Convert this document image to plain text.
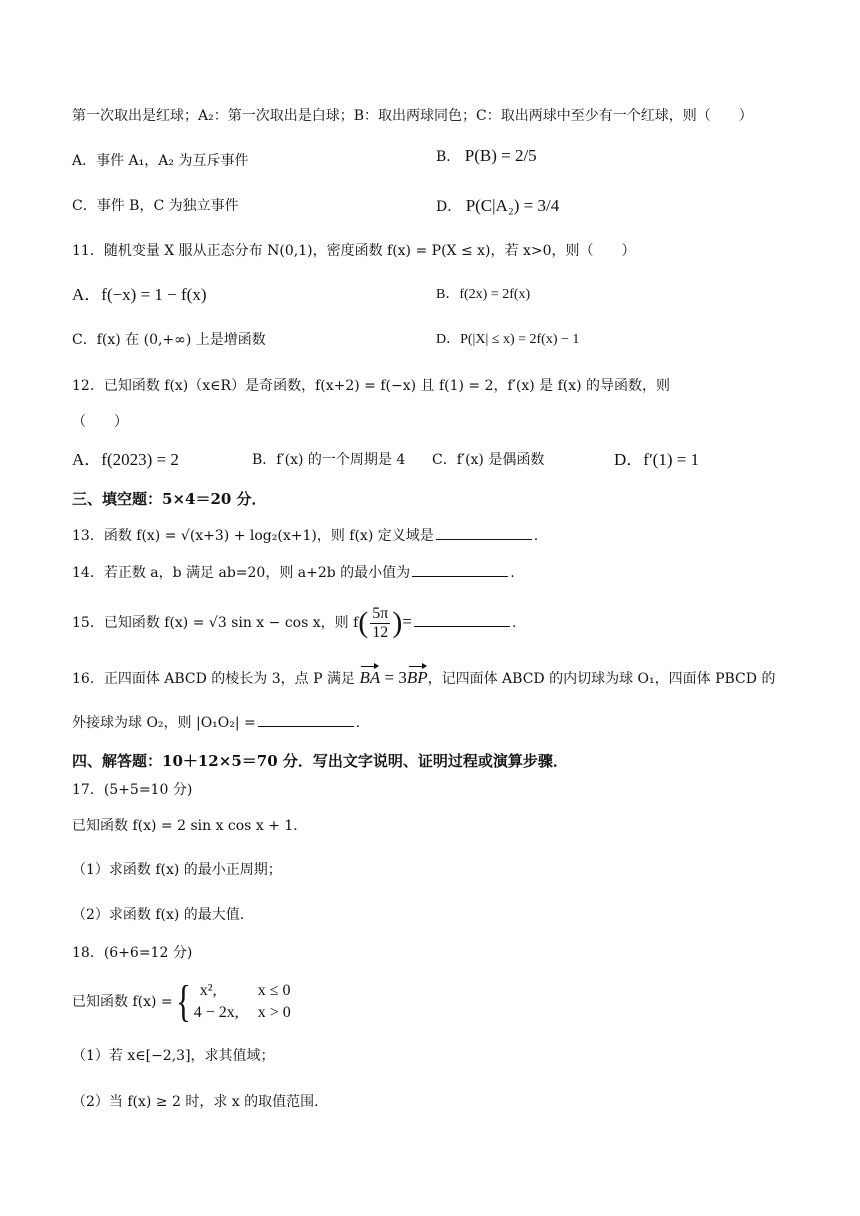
第一次取出是红球；A₂：第一次取出是白球；B：取出两球同色；C：取出两球中至少有一个红球，则（　　）
A．事件 A₁，A₂ 为互斥事件	B． P(B) = 2/5
C．事件 B，C 为独立事件	D． P(C|A₂) = 3/4
11．随机变量 X 服从正态分布 N(0,1)，密度函数 f(x) = P(X ≤ x)，若 x>0，则（　　）
A．f(−x) = 1 − f(x)	B．f(2x) = 2f(x)
C．f(x) 在 (0,+∞) 上是增函数	D．P(|X| ≤ x) = 2f(x) − 1
12．已知函数 f(x)（x∈R）是奇函数，f(x+2) = f(−x) 且 f(1) = 2，f′(x) 是 f(x) 的导函数，则
（　　）
A．f(2023) = 2	B．f′(x) 的一个周期是 4 C．f′(x) 是偶函数	D．f′(1) = 1
三、填空题：5×4＝20 分．
13．函数 f(x) = √(x+3) + log₂(x+1)，则 f(x) 定义域是	.
14．若正数 a，b 满足 ab=20，则 a+2b 的最小值为	.
15．已知函数 f(x) = √3 sin x − cos x，则 $f( \frac{5\pi}{12}$ )=	.
16．正四面体 ABCD 的棱长为 3，点 P 满足 BA = 3BP，记四面体 ABCD 的内切球为球 O₁，四面体 PBCD 的
外接球为球 O₂，则 |O₁O₂| =	.
四、解答题：10＋12×5＝70 分．写出文字说明、证明过程或演算步骤．
17．(5+5=10 分)
已知函数 f(x) = 2 sin x cos x + 1．
（1）求函数 f(x) 的最小正周期；
（2）求函数 f(x) 的最大值．
18．(6+6=12 分)
已知函数 f(x) ={ x²,	x ≤ 0
4 − 2x, x > 0
（1）若 x∈[−2,3]，求其值域；
（2）当 f(x) ≥ 2 时，求 x 的取值范围．
